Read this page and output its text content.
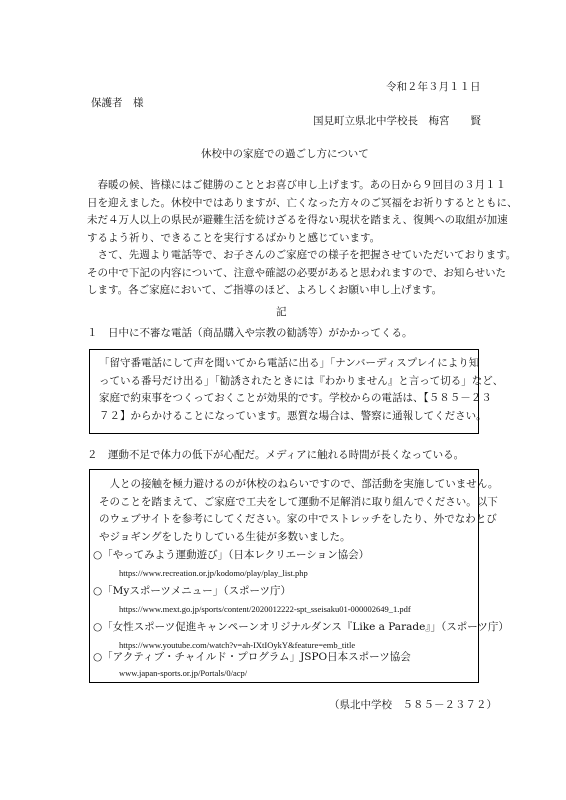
令和２年３月１１日
保護者　様
国見町立県北中学校長　梅宮　　賢
休校中の家庭での過ごし方について
　春暖の候、皆様にはご健勝のこととお喜び申し上げます。あの日から９回目の３月１１
日を迎えました。休校中ではありますが、亡くなった方々のご冥福をお祈りするとともに、
未だ４万人以上の県民が避難生活を続けざるを得ない現状を踏まえ、復興への取組が加速
するよう祈り、できることを実行するばかりと感じています。
　さて、先週より電話等で、お子さんのご家庭での様子を把握させていただいております。
その中で下記の内容について、注意や確認の必要があると思われますので、お知らせいた
します。各ご家庭において、ご指導のほど、よろしくお願い申し上げます。
記
１　日中に不審な電話（商品購入や宗教の勧誘等）がかかってくる。
「留守番電話にして声を聞いてから電話に出る」「ナンバーディスプレイにより知
っている番号だけ出る」「勧誘されたときには『わかりません』と言って切る」など、
家庭で約束事をつくっておくことが効果的です。学校からの電話は、【５８５－２３
７２】からかけることになっています。悪質な場合は、警察に通報してください。
２　運動不足で体力の低下が心配だ。メディアに触れる時間が長くなっている。
　人との接触を極力避けるのが休校のねらいですので、部活動を実施していません。
そのことを踏まえて、ご家庭で工夫をして運動不足解消に取り組んでください。以下
のウェブサイトを参考にしてください。家の中でストレッチをしたり、外でなわとび
やジョギングをしたりしている生徒が多数いました。
○「やってみよう運動遊び」（日本レクリエーション協会）
https://www.recreation.or.jp/kodomo/play/play_list.php
○「Myスポーツメニュー」（スポーツ庁）
https://www.mext.go.jp/sports/content/2020012222-spt_sseisaku01-000002649_1.pdf
○「女性スポーツ促進キャンペーンオリジナルダンス『Like a Parade』」（スポーツ庁）
https://www.youtube.com/watch?v=ah-IXtIOykY&feature=emb_title
○「アクティブ・チャイルド・プログラム」JSPO日本スポーツ協会
www.japan-sports.or.jp/Portals/0/acp/
（県北中学校　５８５－２３７２）
